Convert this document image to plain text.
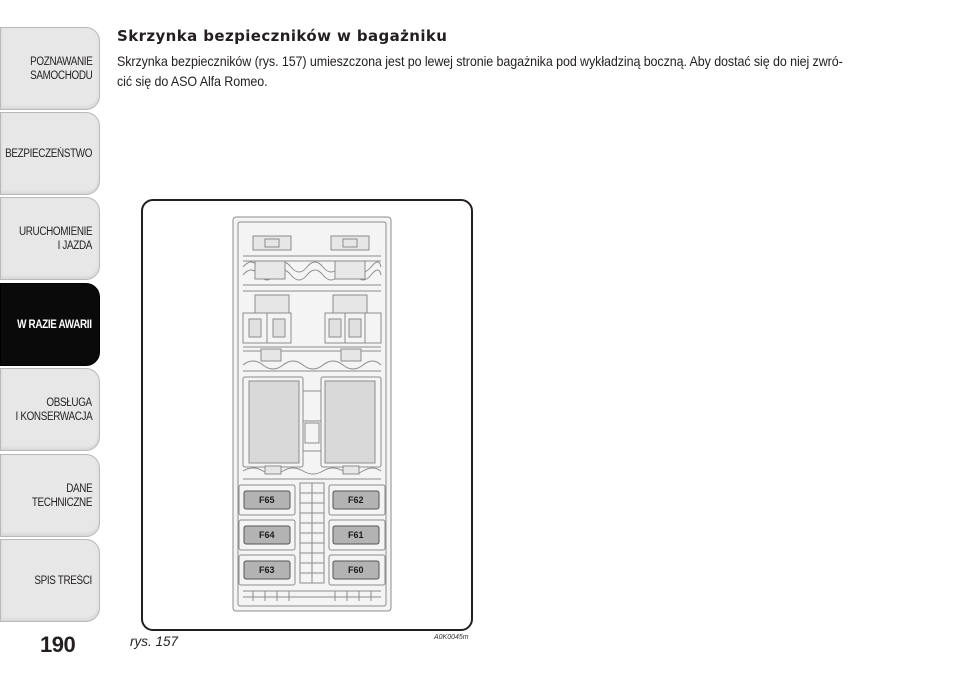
POZNAWANIE
SAMOCHODU
BEZPIECZEŃSTWO
URUCHOMIENIE
I JAZDA
W RAZIE AWARII
OBSŁUGA
I KONSERWACJA
DANE
TECHNICZNE
SPIS TREŚCI
190
Skrzynka bezpieczników w bagażniku
Skrzynka bezpieczników (rys. 157) umieszczona jest po lewej stronie bagażnika pod wykładziną boczną. Aby dostać się do niej zwró-
cić się do ASO Alfa Romeo.
F65	F62
F64	F61
F63	F60
rys. 157	A0K0045m
